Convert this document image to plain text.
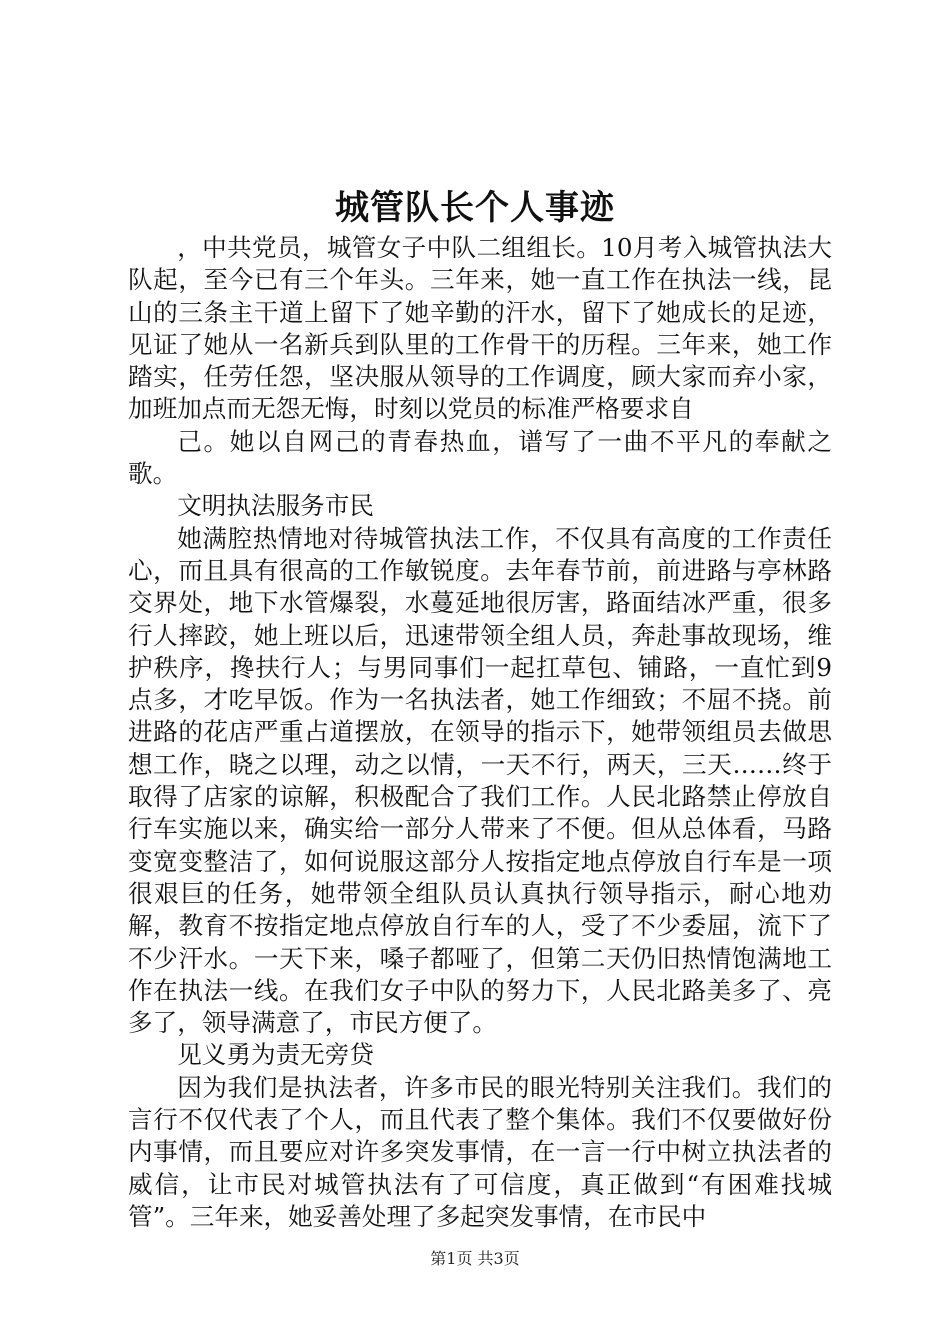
城管队长个人事迹

，中共党员，城管女子中队二组组长。10月考入城管执法大队起，至今已有三个年头。三年来，她一直工作在执法一线，昆山的三条主干道上留下了她辛勤的汗水，留下了她成长的足迹，见证了她从一名新兵到队里的工作骨干的历程。三年来，她工作踏实，任劳任怨，坚决服从领导的工作调度，顾大家而弃小家，加班加点而无怨无悔，时刻以党员的标准严格要求自

己。她以自网己的青春热血，谱写了一曲不平凡的奉献之歌。

文明执法服务市民

她满腔热情地对待城管执法工作，不仅具有高度的工作责任心，而且具有很高的工作敏锐度。去年春节前，前进路与亭林路交界处，地下水管爆裂，水蔓延地很厉害，路面结冰严重，很多行人摔跤，她上班以后，迅速带领全组人员，奔赴事故现场，维护秩序，搀扶行人；与男同事们一起扛草包、铺路，一直忙到9点多，才吃早饭。作为一名执法者，她工作细致；不屈不挠。前进路的花店严重占道摆放，在领导的指示下，她带领组员去做思想工作，晓之以理，动之以情，一天不行，两天，三天……终于取得了店家的谅解，积极配合了我们工作。人民北路禁止停放自行车实施以来，确实给一部分人带来了不便。但从总体看，马路变宽变整洁了，如何说服这部分人按指定地点停放自行车是一项很艰巨的任务，她带领全组队员认真执行领导指示，耐心地劝解，教育不按指定地点停放自行车的人，受了不少委屈，流下了不少汗水。一天下来，嗓子都哑了，但第二天仍旧热情饱满地工作在执法一线。在我们女子中队的努力下，人民北路美多了、亮多了，领导满意了，市民方便了。

见义勇为责无旁贷

因为我们是执法者，许多市民的眼光特别关注我们。我们的言行不仅代表了个人，而且代表了整个集体。我们不仅要做好份内事情，而且要应对许多突发事情，在一言一行中树立执法者的威信，让市民对城管执法有了可信度，真正做到“有困难找城管”。三年来，她妥善处理了多起突发事情，在市民中

第1页 共3页
